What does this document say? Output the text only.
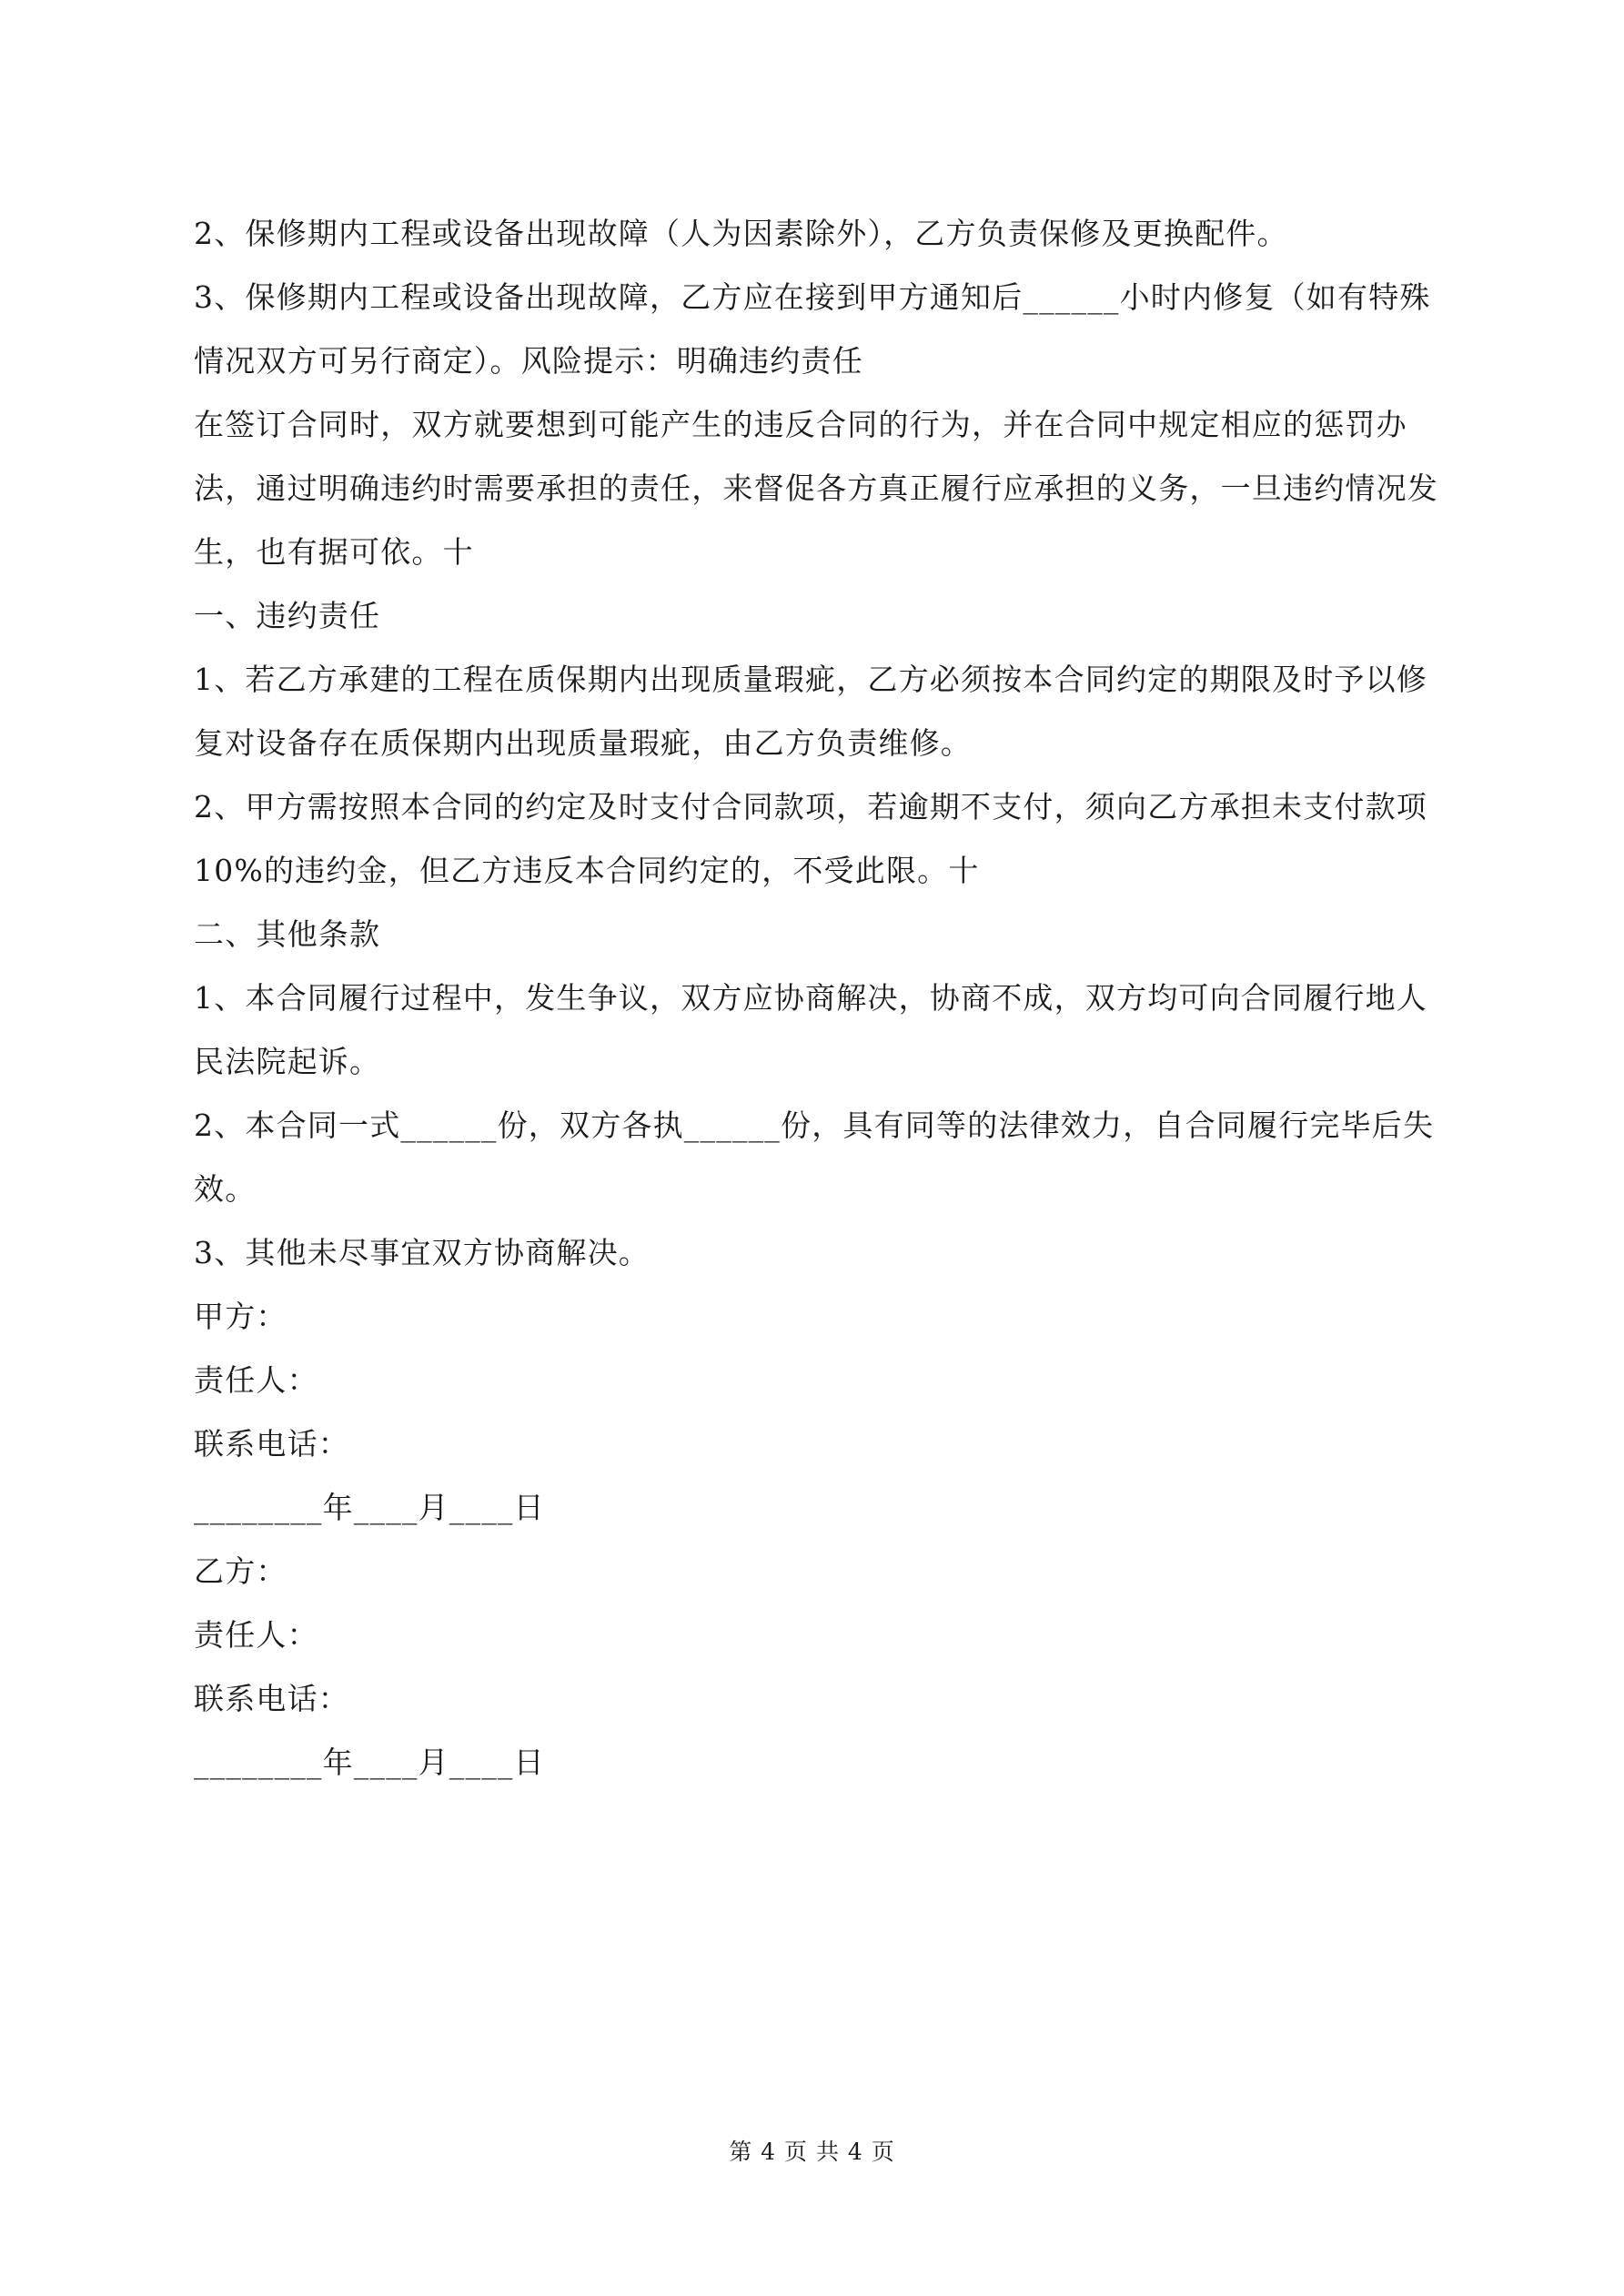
2、保修期内工程或设备出现故障（人为因素除外），乙方负责保修及更换配件。

3、保修期内工程或设备出现故障，乙方应在接到甲方通知后______小时内修复（如有特殊情况双方可另行商定）。风险提示：明确违约责任

在签订合同时，双方就要想到可能产生的违反合同的行为，并在合同中规定相应的惩罚办法，通过明确违约时需要承担的责任，来督促各方真正履行应承担的义务，一旦违约情况发生，也有据可依。十

一、违约责任

1、若乙方承建的工程在质保期内出现质量瑕疵，乙方必须按本合同约定的期限及时予以修复对设备存在质保期内出现质量瑕疵，由乙方负责维修。

2、甲方需按照本合同的约定及时支付合同款项，若逾期不支付，须向乙方承担未支付款项10%的违约金，但乙方违反本合同约定的，不受此限。十

二、其他条款

1、本合同履行过程中，发生争议，双方应协商解决，协商不成，双方均可向合同履行地人民法院起诉。

2、本合同一式______份，双方各执______份，具有同等的法律效力，自合同履行完毕后失效。

3、其他未尽事宜双方协商解决。

甲方：

责任人：

联系电话：

________年____月____日

乙方：

责任人：

联系电话：

________年____月____日

第 4 页 共 4 页
